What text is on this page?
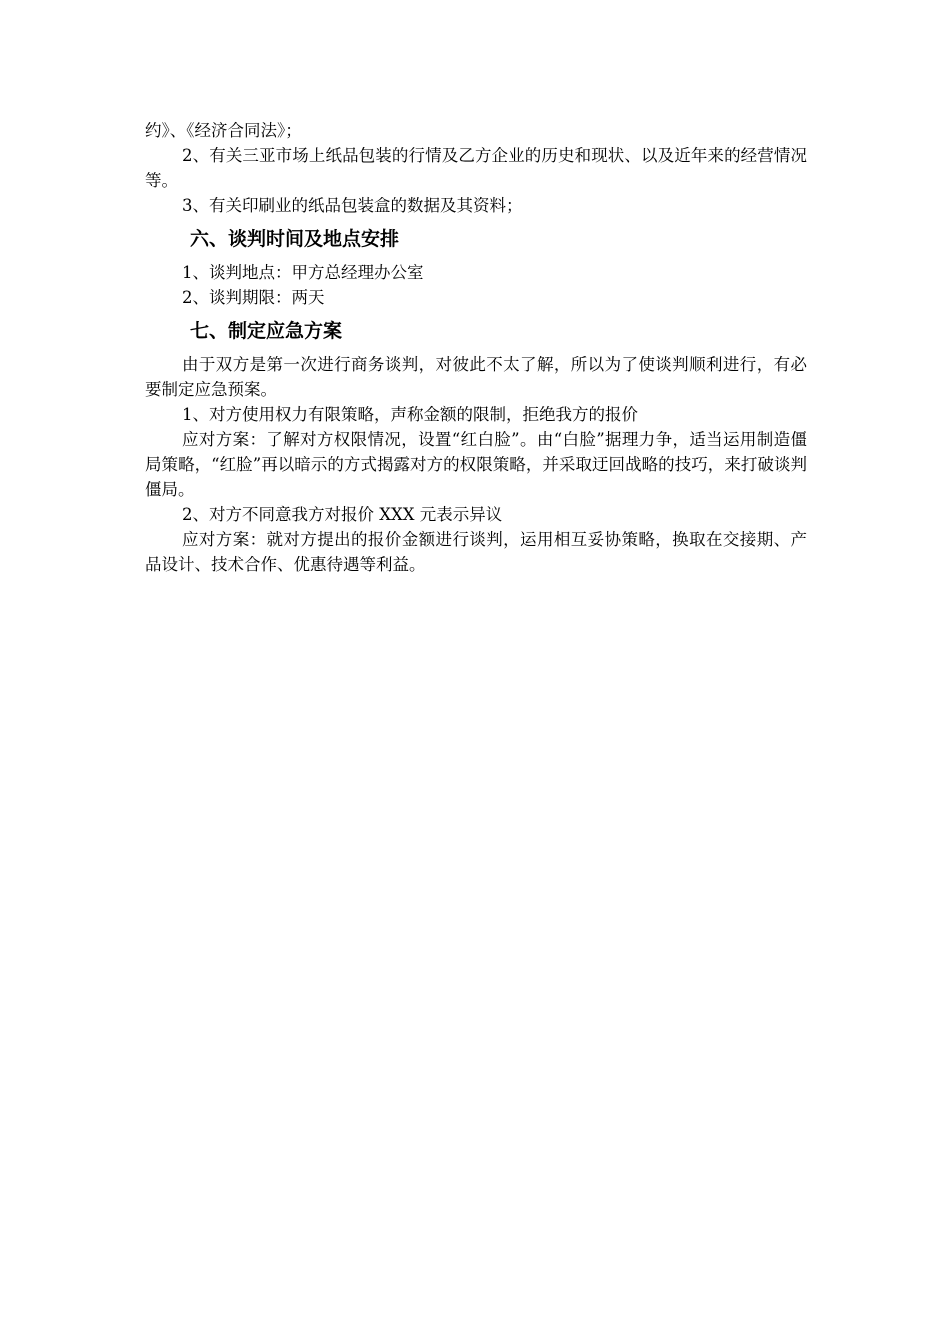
约》、《经济合同法》；

2、有关三亚市场上纸品包装的行情及乙方企业的历史和现状、以及近年来的经营情况等。

3、有关印刷业的纸品包装盒的数据及其资料；

六、谈判时间及地点安排

1、谈判地点：甲方总经理办公室

2、谈判期限：两天

七、制定应急方案

由于双方是第一次进行商务谈判，对彼此不太了解，所以为了使谈判顺利进行，有必要制定应急预案。

1、对方使用权力有限策略，声称金额的限制，拒绝我方的报价

应对方案：了解对方权限情况，设置“红白脸”。由“白脸”据理力争，适当运用制造僵局策略，“红脸”再以暗示的方式揭露对方的权限策略，并采取迂回战略的技巧，来打破谈判僵局。

2、对方不同意我方对报价 XXX 元表示异议

应对方案：就对方提出的报价金额进行谈判，运用相互妥协策略，换取在交接期、产品设计、技术合作、优惠待遇等利益。
